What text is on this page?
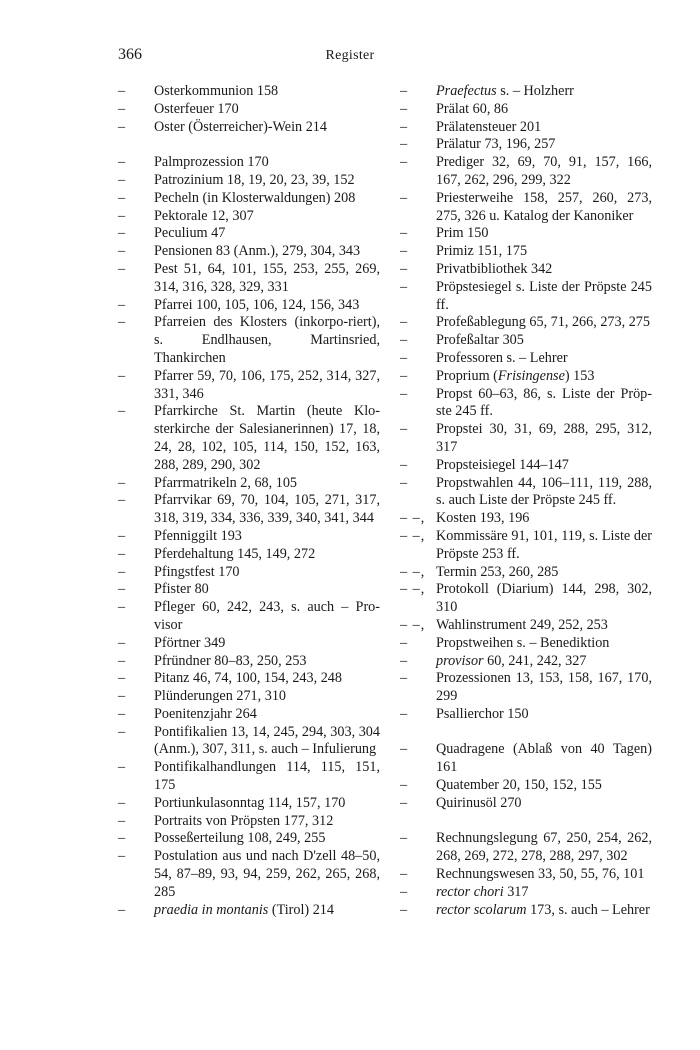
366	Register
–	Osterkommunion 158
–	Osterfeuer 170
–	Oster (Österreicher)-Wein 214
–	Palmprozession 170
–	Patrozinium 18, 19, 20, 23, 39, 152
–	Pecheln (in Klosterwaldungen) 208
–	Pektorale 12, 307
–	Peculium 47
–	Pensionen 83 (Anm.), 279, 304, 343
–	Pest 51, 64, 101, 155, 253, 255, 269, 314, 316, 328, 329, 331
–	Pfarrei 100, 105, 106, 124, 156, 343
–	Pfarreien des Klosters (inkorpo-riert), s. Endlhausen, Martinsried, Thankirchen
–	Pfarrer 59, 70, 106, 175, 252, 314, 327, 331, 346
–	Pfarrkirche St. Martin (heute Klo-sterkirche der Salesianerinnen) 17, 18, 24, 28, 102, 105, 114, 150, 152, 163, 288, 289, 290, 302
–	Pfarrmatrikeln 2, 68, 105
–	Pfarrvikar 69, 70, 104, 105, 271, 317, 318, 319, 334, 336, 339, 340, 341, 344
–	Pfenniggilt 193
–	Pferdehaltung 145, 149, 272
–	Pfingstfest 170
–	Pfister 80
–	Pfleger 60, 242, 243, s. auch – Pro-visor
–	Pförtner 349
–	Pfründner 80–83, 250, 253
–	Pitanz 46, 74, 100, 154, 243, 248
–	Plünderungen 271, 310
–	Poenitenzjahr 264
–	Pontifikalien 13, 14, 245, 294, 303, 304 (Anm.), 307, 311, s. auch – Infulierung
–	Pontifikalhandlungen 114, 115, 151, 175
–	Portiunkulasonntag 114, 157, 170
–	Portraits von Pröpsten 177, 312
–	Posseßerteilung 108, 249, 255
–	Postulation aus und nach D'zell 48–50, 54, 87–89, 93, 94, 259, 262, 265, 268, 285
–	praedia in montanis (Tirol) 214
–	Praefectus s. – Holzherr
–	Prälat 60, 86
–	Prälatensteuer 201
–	Prälatur 73, 196, 257
–	Prediger 32, 69, 70, 91, 157, 166, 167, 262, 296, 299, 322
–	Priesterweihe 158, 257, 260, 273, 275, 326 u. Katalog der Kanoniker
–	Prim 150
–	Primiz 151, 175
–	Privatbibliothek 342
–	Pröpstesiegel s. Liste der Pröpste 245 ff.
–	Profeßablegung 65, 71, 266, 273, 275
–	Profeßaltar 305
–	Professoren s. – Lehrer
–	Proprium (Frisingense) 153
–	Propst 60–63, 86, s. Liste der Pröp-ste 245 ff.
–	Propstei 30, 31, 69, 288, 295, 312, 317
–	Propsteisiegel 144–147
–	Propstwahlen 44, 106–111, 119, 288, s. auch Liste der Pröpste 245 ff.
– –, Kosten 193, 196
– –, Kommissäre 91, 101, 119, s. Liste der Pröpste 253 ff.
– –, Termin 253, 260, 285
– –, Protokoll (Diarium) 144, 298, 302, 310
– –, Wahlinstrument 249, 252, 253
–	Propstweihen s. – Benediktion
–	provisor 60, 241, 242, 327
–	Prozessionen 13, 153, 158, 167, 170, 299
–	Psallierchor 150
–	Quadragene (Ablaß von 40 Tagen) 161
–	Quatember 20, 150, 152, 155
–	Quirinusöl 270
–	Rechnungslegung 67, 250, 254, 262, 268, 269, 272, 278, 288, 297, 302
–	Rechnungswesen 33, 50, 55, 76, 101
–	rector chori 317
–	rector scolarum 173, s. auch – Lehrer
